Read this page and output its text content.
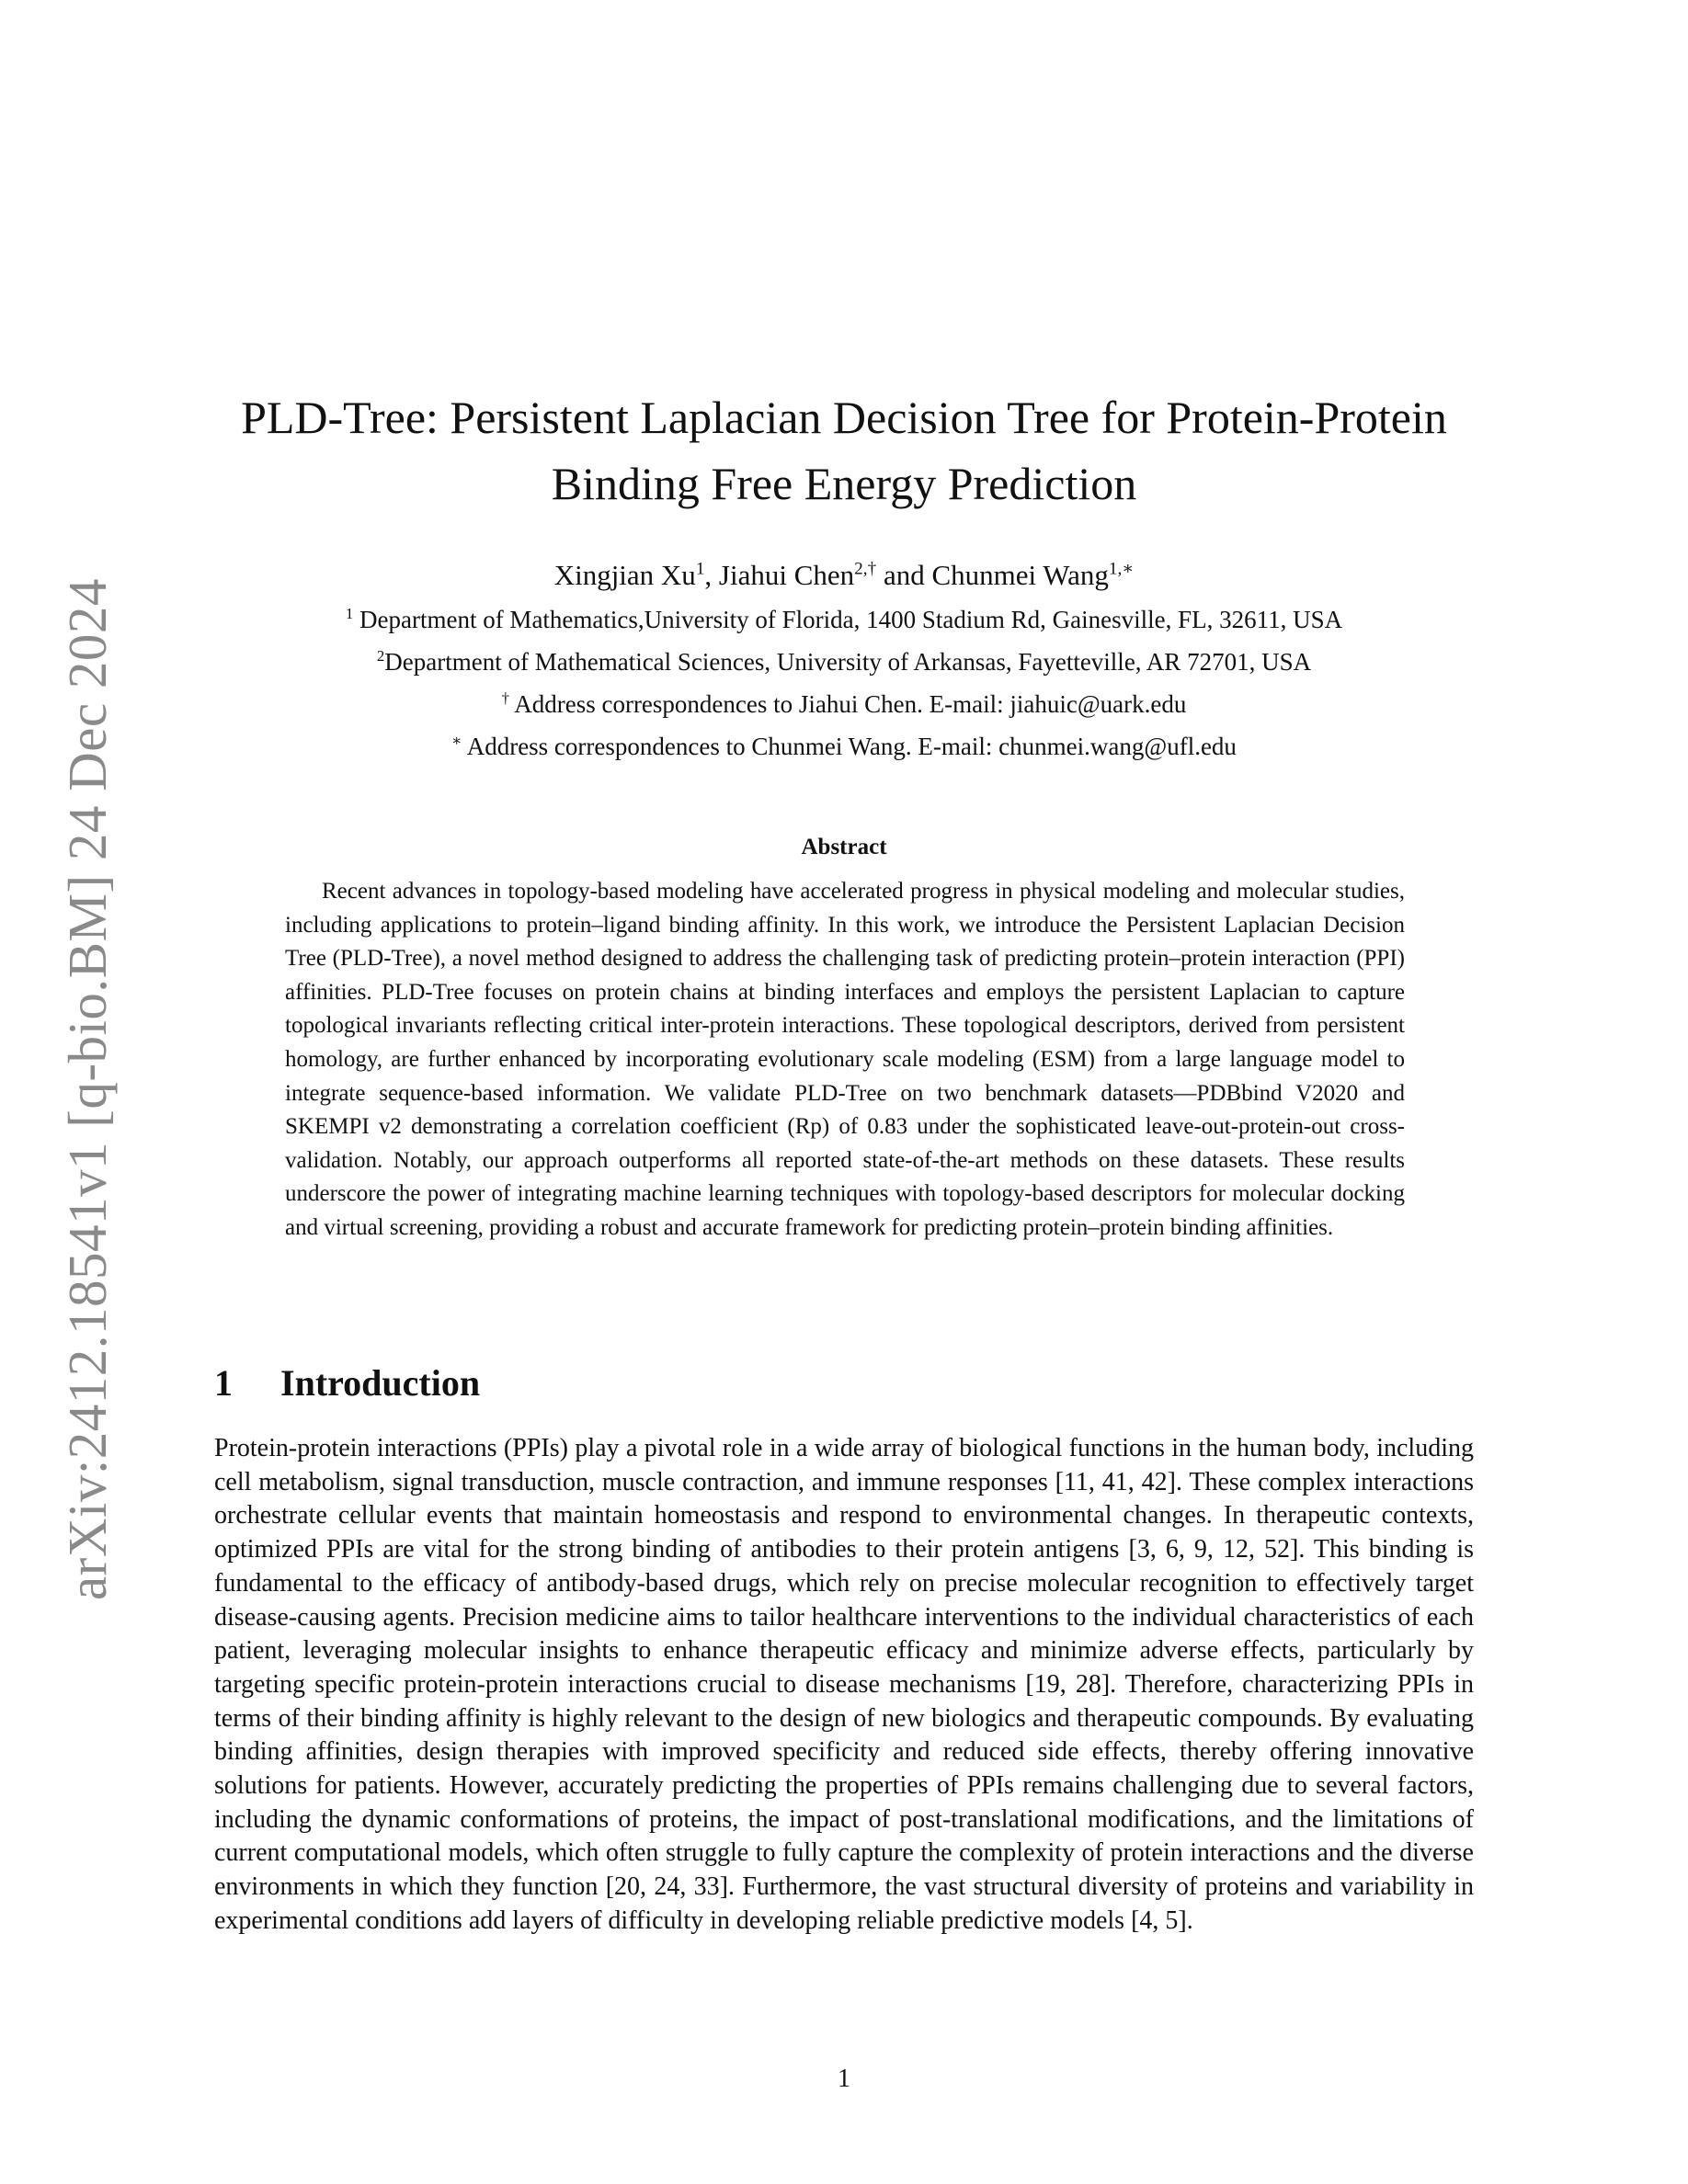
arXiv:2412.18541v1 [q-bio.BM] 24 Dec 2024
PLD-Tree: Persistent Laplacian Decision Tree for Protein-Protein
Binding Free Energy Prediction
Xingjian Xu$^1$, Jiahui Chen$^{2,\dagger}$ and Chunmei Wang$^{1,∗}$
$^1$ Department of Mathematics,University of Florida, 1400 Stadium Rd, Gainesville, FL, 32611, USA
$^2$Department of Mathematical Sciences, University of Arkansas, Fayetteville, AR 72701, USA
† Address correspondences to Jiahui Chen. E-mail: jiahuic@uark.edu
∗ Address correspondences to Chunmei Wang. E-mail: chunmei.wang@ufl.edu
Abstract

Recent advances in topology-based modeling have accelerated progress in physical modeling and molecular studies, including applications to protein–ligand binding affinity. In this work, we introduce the Persistent Laplacian Decision Tree (PLD-Tree), a novel method designed to address the challenging task of predicting protein–protein interaction (PPI) affinities. PLD-Tree focuses on protein chains at binding interfaces and employs the persistent Laplacian to capture topological invariants reflecting critical inter-protein interactions. These topological descriptors, derived from persistent homology, are further enhanced by incorporating evolutionary scale modeling (ESM) from a large language model to integrate sequence-based information. We validate PLD-Tree on two benchmark datasets—PDBbind V2020 and SKEMPI v2 demonstrating a correlation coefficient (Rp) of 0.83 under the sophisticated leave-out-protein-out cross-validation. Notably, our approach outperforms all reported state-of-the-art methods on these datasets. These results underscore the power of integrating machine learning techniques with topology-based descriptors for molecular docking and virtual screening, providing a robust and accurate framework for predicting protein–protein binding affinities.

1 Introduction

Protein-protein interactions (PPIs) play a pivotal role in a wide array of biological functions in the human body, including cell metabolism, signal transduction, muscle contraction, and immune responses [11, 41, 42]. These complex interactions orchestrate cellular events that maintain homeostasis and respond to environmental changes. In therapeutic contexts, optimized PPIs are vital for the strong binding of antibodies to their protein antigens [3, 6, 9, 12, 52]. This binding is fundamental to the efficacy of antibody-based drugs, which rely on precise molecular recognition to effectively target disease-causing agents. Precision medicine aims to tailor healthcare interventions to the individual characteristics of each patient, leveraging molecular insights to enhance therapeutic efficacy and minimize adverse effects, particularly by targeting specific protein-protein interactions crucial to disease mechanisms [19, 28]. Therefore, characterizing PPIs in terms of their binding affinity is highly relevant to the design of new biologics and therapeutic compounds. By evaluating binding affinities, design therapies with improved specificity and reduced side effects, thereby offering innovative solutions for patients. However, accurately predicting the properties of PPIs remains challenging due to several factors, including the dynamic conformations of proteins, the impact of post-translational modifications, and the limitations of current computational models, which often struggle to fully capture the complexity of protein interactions and the diverse environments in which they function [20, 24, 33]. Furthermore, the vast structural diversity of proteins and variability in experimental conditions add layers of difficulty in developing reliable predictive models [4, 5].

1
